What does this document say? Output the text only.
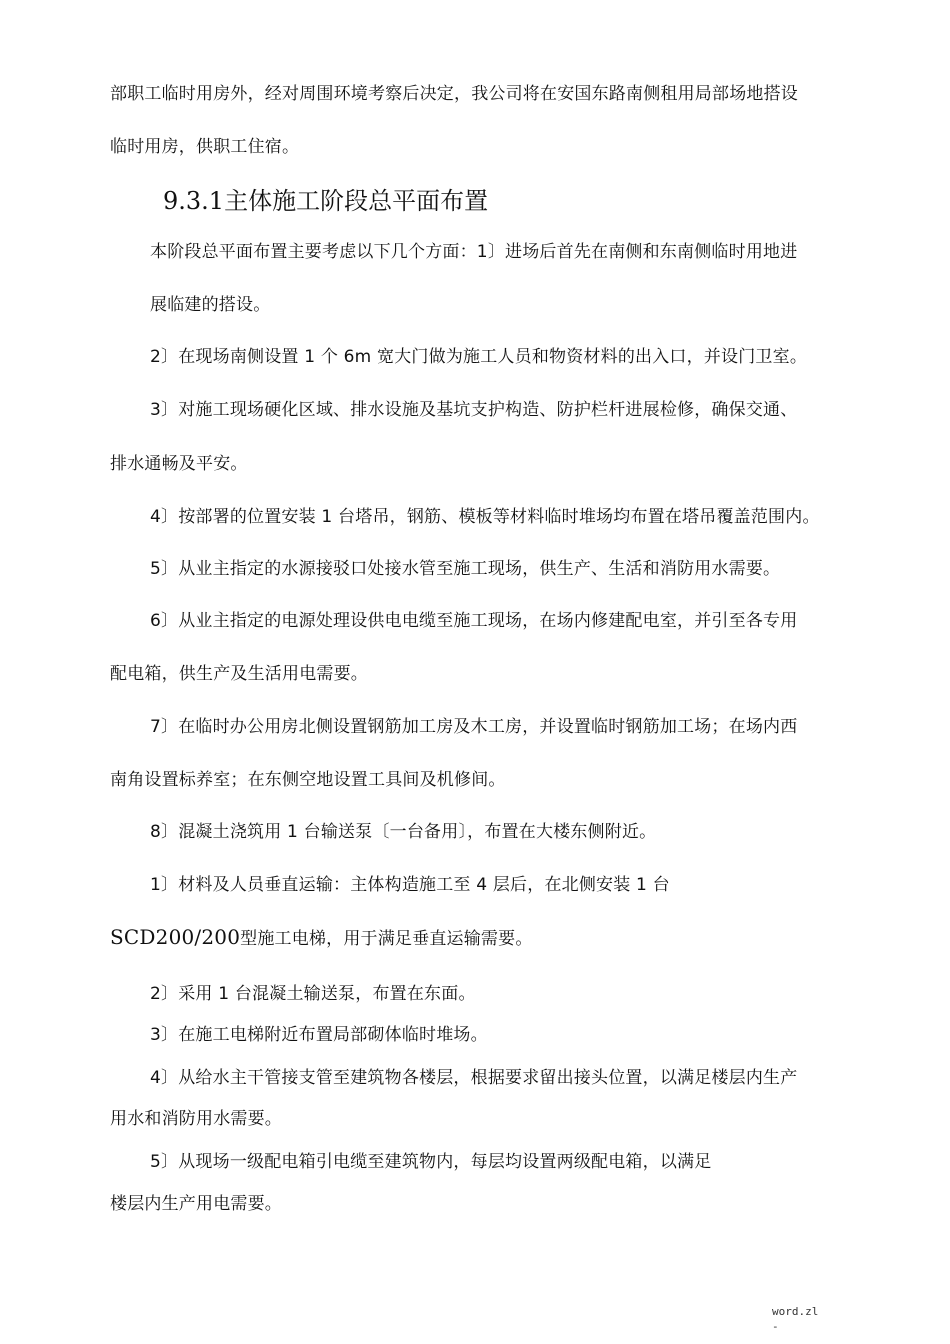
部职工临时用房外，经对周围环境考察后决定，我公司将在安国东路南侧租用局部场地搭设
临时用房，供职工住宿。
9.3.1主体施工阶段总平面布置
本阶段总平面布置主要考虑以下几个方面：1〕进场后首先在南侧和东南侧临时用地进
展临建的搭设。
2〕在现场南侧设置 1 个 6m 宽大门做为施工人员和物资材料的出入口，并设门卫室。
3〕对施工现场硬化区域、排水设施及基坑支护构造、防护栏杆进展检修，确保交通、
排水通畅及平安。
4〕按部署的位置安装 1 台塔吊，钢筋、模板等材料临时堆场均布置在塔吊覆盖范围内。
5〕从业主指定的水源接驳口处接水管至施工现场，供生产、生活和消防用水需要。
6〕从业主指定的电源处理设供电电缆至施工现场，在场内修建配电室，并引至各专用
配电箱，供生产及生活用电需要。
7〕在临时办公用房北侧设置钢筋加工房及木工房，并设置临时钢筋加工场；在场内西
南角设置标养室；在东侧空地设置工具间及机修间。
8〕混凝土浇筑用 1 台输送泵〔一台备用〕，布置在大楼东侧附近。
1〕材料及人员垂直运输：主体构造施工至 4 层后，在北侧安装 1 台
SCD200/200型施工电梯，用于满足垂直运输需要。
2〕采用 1 台混凝土输送泵，布置在东面。
3〕在施工电梯附近布置局部砌体临时堆场。
4〕从给水主干管接支管至建筑物各楼层，根据要求留出接头位置，以满足楼层内生产
用水和消防用水需要。
5〕从现场一级配电箱引电缆至建筑物内，每层均设置两级配电箱，以满足
楼层内生产用电需要。
word.zl
-
